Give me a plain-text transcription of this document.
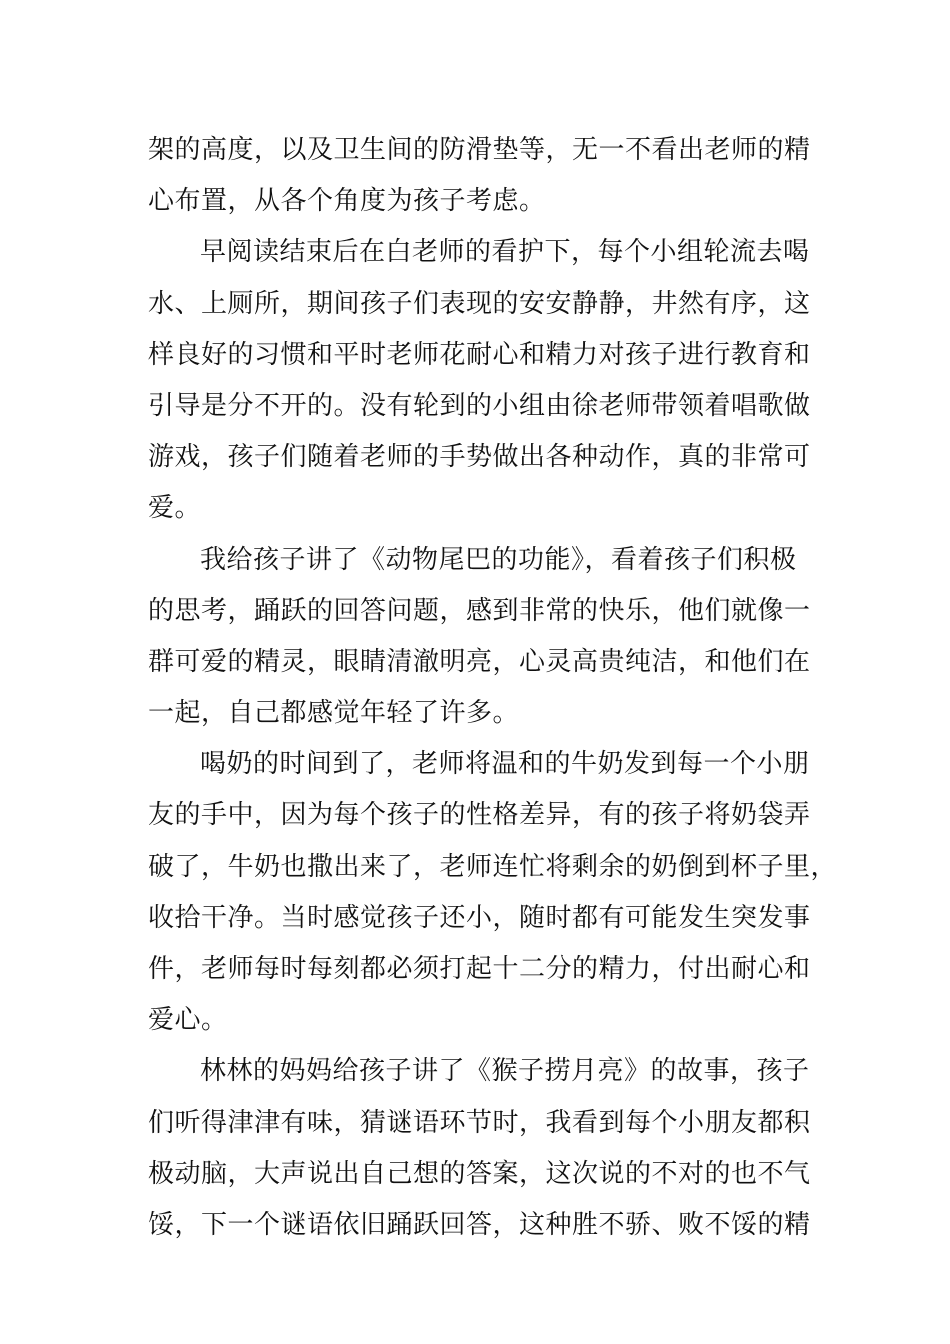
架的高度，以及卫生间的防滑垫等，无一不看出老师的精
心布置，从各个角度为孩子考虑。
早阅读结束后在白老师的看护下，每个小组轮流去喝
水、上厕所，期间孩子们表现的安安静静，井然有序，这
样良好的习惯和平时老师花耐心和精力对孩子进行教育和
引导是分不开的。没有轮到的小组由徐老师带领着唱歌做
游戏，孩子们随着老师的手势做出各种动作，真的非常可
爱。
我给孩子讲了《动物尾巴的功能》，看着孩子们积极
的思考，踊跃的回答问题，感到非常的快乐，他们就像一
群可爱的精灵，眼睛清澈明亮，心灵高贵纯洁，和他们在
一起，自己都感觉年轻了许多。
喝奶的时间到了，老师将温和的牛奶发到每一个小朋
友的手中，因为每个孩子的性格差异，有的孩子将奶袋弄
破了，牛奶也撒出来了，老师连忙将剩余的奶倒到杯子里，
收拾干净。当时感觉孩子还小，随时都有可能发生突发事
件，老师每时每刻都必须打起十二分的精力，付出耐心和
爱心。
林林的妈妈给孩子讲了《猴子捞月亮》的故事，孩子
们听得津津有味，猜谜语环节时，我看到每个小朋友都积
极动脑，大声说出自己想的答案，这次说的不对的也不气
馁，下一个谜语依旧踊跃回答，这种胜不骄、败不馁的精
